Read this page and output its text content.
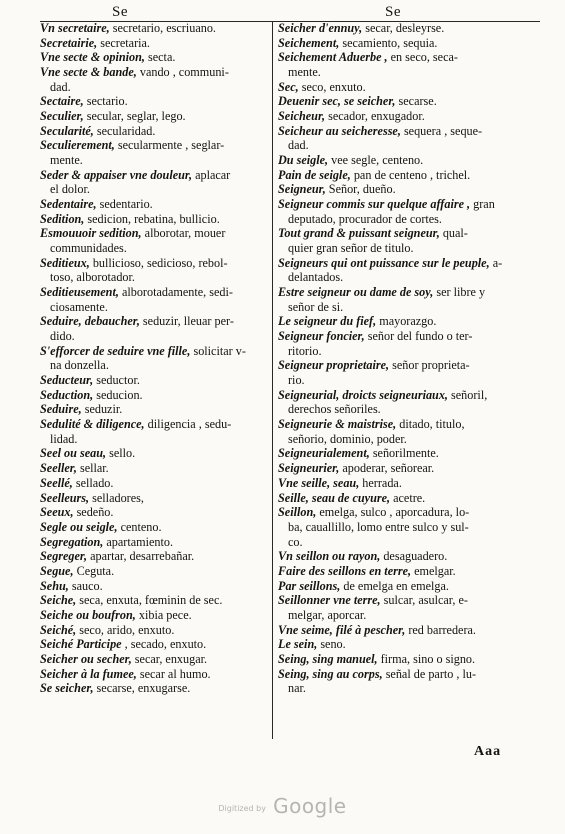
Se	Se
Vn secretaire, secretario, escriuano.
Secretairie, secretaria.
Vne secte & opinion, secta.
Vne secte & bande, vando , communi-
dad.
Sectaire, sectario.
Seculier, secular, seglar, lego.
Secularité, secularidad.
Seculierement, secularmente , seglar-
mente.
Seder & appaiser vne douleur, aplacar
el dolor.
Sedentaire, sedentario.
Sedition, sedicion, rebatina, bullicio.
Esmouuoir sedition, alborotar, mouer
communidades.
Seditieux, bullicioso, sedicioso, rebol-
toso, alborotador.
Seditieusement, alborotadamente, sedi-
ciosamente.
Seduire, debaucher, seduzir, lleuar per-
dido.
S'efforcer de seduire vne fille, solicitar v-
na donzella.
Seducteur, seductor.
Seduction, seducion.
Seduire, seduzir.
Sedulité & diligence, diligencia , sedu-
lidad.
Seel ou seau, sello.
Seeller, sellar.
Seellé, sellado.
Seelleurs, selladores,
Seeux, sedeño.
Segle ou seigle, centeno.
Segregation, apartamiento.
Segreger, apartar, desarrebañar.
Segue, Ceguta.
Sehu, sauco.
Seiche, seca, enxuta, fœminin de sec.
Seiche ou boufron, xibia pece.
Seiché, seco, arido, enxuto.
Seiché Participe , secado, enxuto.
Seicher ou secher, secar, enxugar.
Seicher à la fumee, secar al humo.
Se seicher, secarse, enxugarse.
Seicher d'ennuy, secar, desleyrse.
Seichement, secamiento, sequia.
Seichement Aduerbe , en seco, seca-
mente.
Sec, seco, enxuto.
Deuenir sec, se seicher, secarse.
Seicheur, secador, enxugador.
Seicheur au seicheresse, sequera , seque-
dad.
Du seigle, vee segle, centeno.
Pain de seigle, pan de centeno , trichel.
Seigneur, Señor, dueño.
Seigneur commis sur quelque affaire , gran
deputado, procurador de cortes.
Tout grand & puissant seigneur, qual-
quier gran señor de titulo.
Seigneurs qui ont puissance sur le peuple, a-
delantados.
Estre seigneur ou dame de soy, ser libre y
señor de si.
Le seigneur du fief, mayorazgo.
Seigneur foncier, señor del fundo o ter-
ritorio.
Seigneur proprietaire, señor proprieta-
rio.
Seigneurial, droicts seigneuriaux, señoril,
derechos señoriles.
Seigneurie & maistrise, ditado, titulo,
señorio, dominio, poder.
Seigneurialement, señorilmente.
Seigneurier, apoderar, señorear.
Vne seille, seau, herrada.
Seille, seau de cuyure, acetre.
Seillon, emelga, sulco , aporcadura, lo-
ba, cauallillo, lomo entre sulco y sul-
co.
Vn seillon ou rayon, desaguadero.
Faire des seillons en terre, emelgar.
Par seillons, de emelga en emelga.
Seillonner vne terre, sulcar, asulcar, e-
melgar, aporcar.
Vne seime, filé à pescher, red barredera.
Le sein, seno.
Seing, sing manuel, firma, sino o signo.
Seing, sing au corps, señal de parto , lu-
nar.
Aaa
Digitized by Google
